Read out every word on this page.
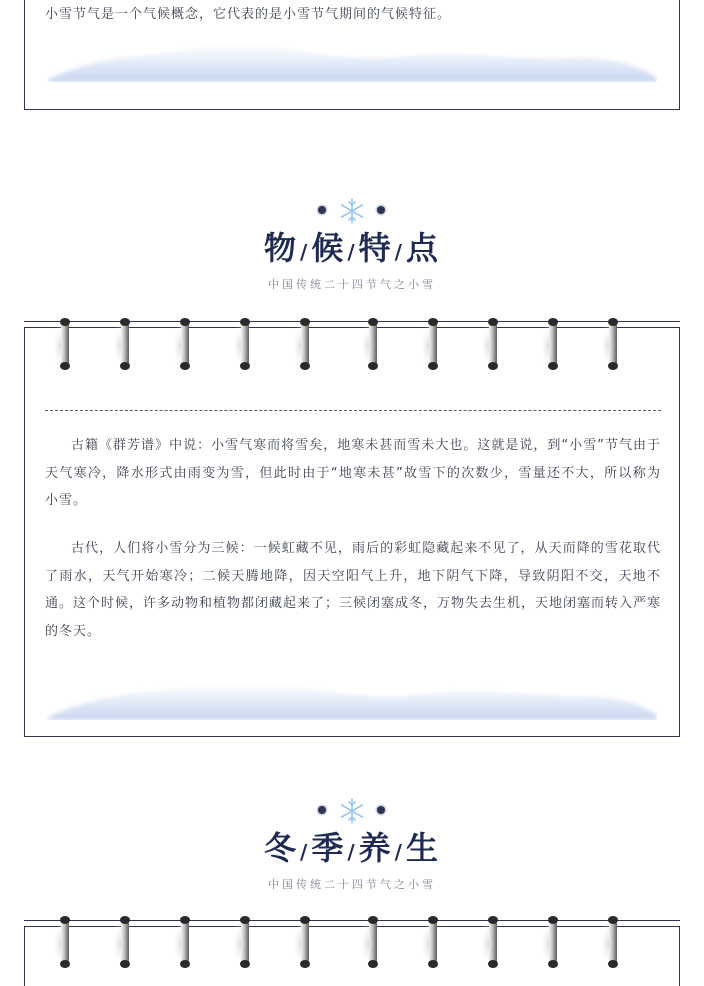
小雪节气是一个气候概念，它代表的是小雪节气期间的气候特征。

物 /候 /特 /点
中国传统二十四节气之小雪

古籍《群芳谱》中说：小雪气寒而将雪矣，地寒未甚而雪未大也。这就是说，到“小雪”节气由于天气寒冷，降水形式由雨变为雪，但此时由于“地寒未甚”故雪下的次数少，雪量还不大，所以称为小雪。

古代，人们将小雪分为三候：一候虹藏不见，雨后的彩虹隐藏起来不见了，从天而降的雪花取代了雨水，天气开始寒冷；二候天腾地降，因天空阳气上升，地下阴气下降，导致阴阳不交，天地不通。这个时候，许多动物和植物都闭藏起来了；三候闭塞成冬，万物失去生机，天地闭塞而转入严寒的冬天。

冬 /季 /养 /生
中国传统二十四节气之小雪
